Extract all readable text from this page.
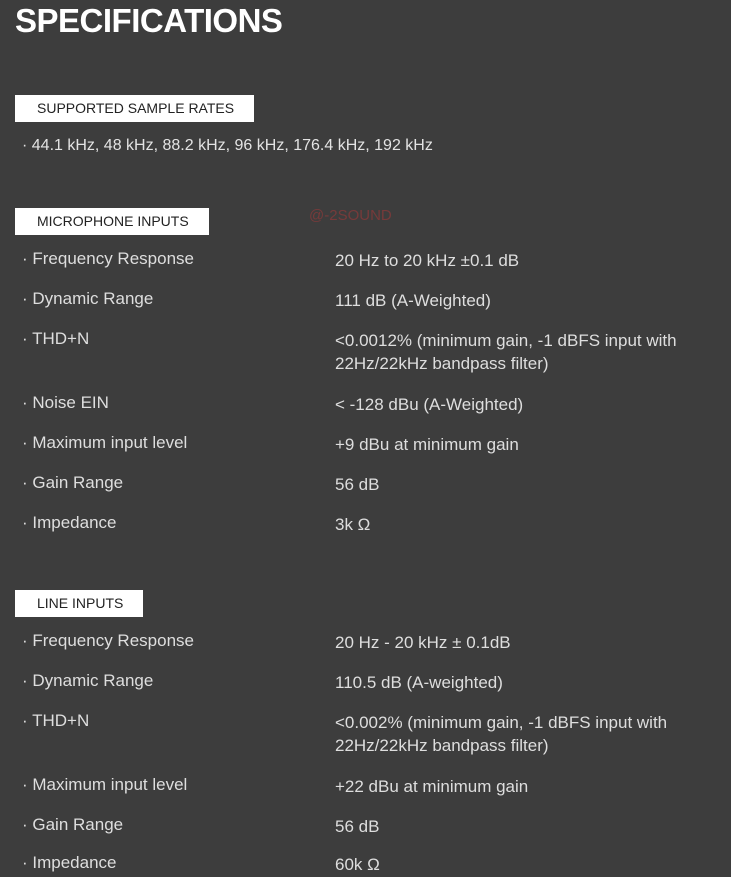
SPECIFICATIONS
SUPPORTED SAMPLE RATES
· 44.1 kHz, 48 kHz, 88.2 kHz, 96 kHz, 176.4 kHz, 192 kHz
MICROPHONE INPUTS	@-2SOUND
· Frequency Response	20 Hz to 20 kHz ±0.1 dB
· Dynamic Range	111 dB (A-Weighted)
· THD+N	<0.0012% (minimum gain, -1 dBFS input with 22Hz/22kHz bandpass filter)
· Noise EIN	< -128 dBu (A-Weighted)
· Maximum input level	+9 dBu at minimum gain
· Gain Range	56 dB
· Impedance	3k Ω
LINE INPUTS
· Frequency Response	20 Hz - 20 kHz ± 0.1dB
· Dynamic Range	110.5 dB (A-weighted)
· THD+N	<0.002% (minimum gain, -1 dBFS input with 22Hz/22kHz bandpass filter)
· Maximum input level	+22 dBu at minimum gain
· Gain Range	56 dB
· Impedance	60k Ω
